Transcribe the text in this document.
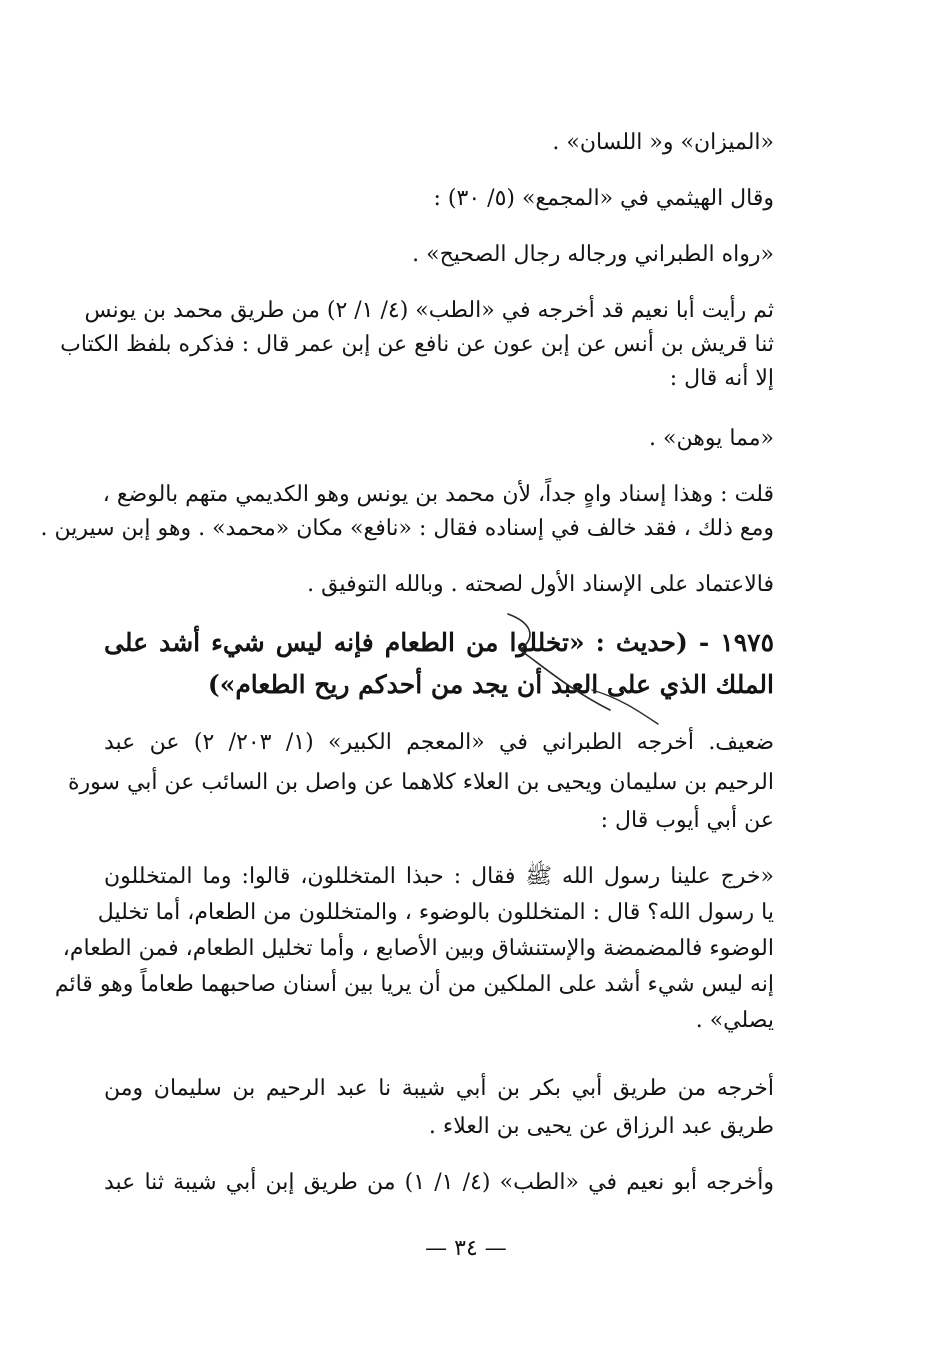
«الميزان» و« اللسان» .
وقال الهيثمي في «المجمع» (٥/ ٣٠) :
«رواه الطبراني ورجاله رجال الصحيح» .
ثم رأيت أبا نعيم قد أخرجه في «الطب» (٤/ ١/ ٢) من طريق محمد بن يونس
ثنا قريش بن أنس عن إبن عون عن نافع عن إبن عمر قال : فذكره بلفظ الكتاب
إلا أنه قال :
«مما يوهن» .
قلت : وهذا إسناد واهٍ جداً، لأن محمد بن يونس وهو الكديمي متهم بالوضع ،
ومع ذلك ، فقد خالف في إسناده فقال : «نافع» مكان «محمد» . وهو إبن سيرين .
فالاعتماد على الإسناد الأول لصحته . وبالله التوفيق .
١٩٧٥ - (حديث : «تخللوا من الطعام فإنه ليس شيء أشد على
الملك الذي على العبد أن يجد من أحدكم ريح الطعام»)
ضعيف. أخرجه الطبراني في «المعجم الكبير» (١/ ٢٠٣/ ٢) عن عبد
الرحيم بن سليمان ويحيى بن العلاء كلاهما عن واصل بن السائب عن أبي سورة
عن أبي أيوب قال :
«خرج علينا رسول الله ﷺ فقال : حبذا المتخللون، قالوا: وما المتخللون
يا رسول الله؟ قال : المتخللون بالوضوء ، والمتخللون من الطعام، أما تخليل
الوضوء فالمضمضة والإستنشاق وبين الأصابع ، وأما تخليل الطعام، فمن الطعام،
إنه ليس شيء أشد على الملكين من أن يريا بين أسنان صاحبهما طعاماً وهو قائم
يصلي» .
أخرجه من طريق أبي بكر بن أبي شيبة نا عبد الرحيم بن سليمان ومن
طريق عبد الرزاق عن يحيى بن العلاء .
وأخرجه أبو نعيم في «الطب» (٤/ ١/ ١) من طريق إبن أبي شيبة ثنا عبد
— ٣٤ —
